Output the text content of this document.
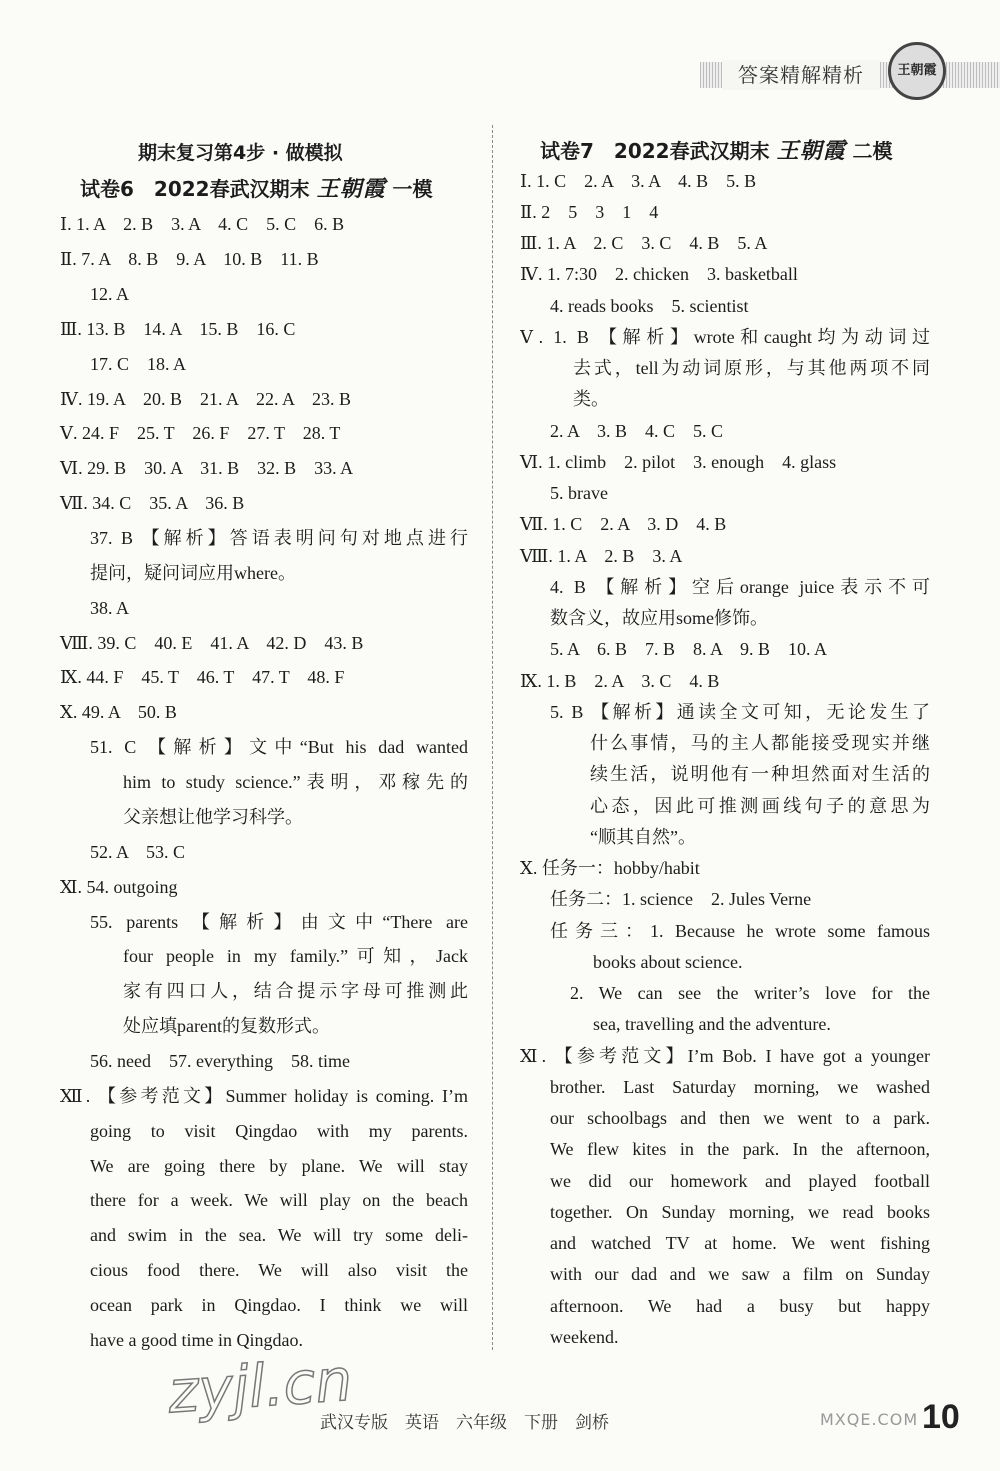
答案精解精析	王朝霞
期末复习第4步 · 做模拟
试卷6　2022春武汉期末 王朝霞 一模
Ⅰ. 1. A　2. B　3. A　4. C　5. C　6. B
Ⅱ. 7. A　8. B　9. A　10. B　11. B
12. A
Ⅲ. 13. B　14. A　15. B　16. C
17. C　18. A
Ⅳ. 19. A　20. B　21. A　22. A　23. B
Ⅴ. 24. F　25. T　26. F　27. T　28. T
Ⅵ. 29. B　30. A　31. B　32. B　33. A
Ⅶ. 34. C　35. A　36. B
37. B 【解析】答语表明问句对地点进行
提问，疑问词应用where。
38. A
Ⅷ. 39. C　40. E　41. A　42. D　43. B
Ⅸ. 44. F　45. T　46. T　47. T　48. F
Ⅹ. 49. A　50. B
51. C 【解析】文中“But his dad wanted
him to study science.”表明，邓稼先的
父亲想让他学习科学。
52. A　53. C
Ⅺ. 54. outgoing
55. parents 【解析】由文中“There are
four people in my family.”可知，Jack
家有四口人，结合提示字母可推测此
处应填parent的复数形式。
56. need　57. everything　58. time
Ⅻ. 【参考范文】Summer holiday is coming. I’m
going to visit Qingdao with my parents.
We are going there by plane. We will stay
there for a week. We will play on the beach
and swim in the sea. We will try some deli-
cious food there. We will also visit the
ocean park in Qingdao. I think we will
have a good time in Qingdao.
试卷7　2022春武汉期末 王朝霞 二模
Ⅰ. 1. C　2. A　3. A　4. B　5. B
Ⅱ. 2　5　3　1　4
Ⅲ. 1. A　2. C　3. C　4. B　5. A
Ⅳ. 1. 7:30　2. chicken　3. basketball
4. reads books　5. scientist
Ⅴ. 1. B 【解析】wrote和caught均为动词过
去式，tell为动词原形，与其他两项不同
类。
2. A　3. B　4. C　5. C
Ⅵ. 1. climb　2. pilot　3. enough　4. glass
5. brave
Ⅶ. 1. C　2. A　3. D　4. B
Ⅷ. 1. A　2. B　3. A
4. B 【解析】空后orange juice表示不可
数含义，故应用some修饰。
5. A　6. B　7. B　8. A　9. B　10. A
Ⅸ. 1. B　2. A　3. C　4. B
5. B 【解析】通读全文可知，无论发生了
什么事情，马的主人都能接受现实并继
续生活，说明他有一种坦然面对生活的
心态，因此可推测画线句子的意思为
“顺其自然”。
Ⅹ. 任务一：hobby/habit
任务二：1. science　2. Jules Verne
任务三：1. Because he wrote some famous
books about science.
2. We can see the writer’s love for the
sea, travelling and the adventure.
Ⅺ. 【参考范文】I’m Bob. I have got a younger
brother. Last Saturday morning, we washed
our schoolbags and then we went to a park.
We flew kites in the park. In the afternoon,
we did our homework and played football
together. On Sunday morning, we read books
and watched TV at home. We went fishing
with our dad and we saw a film on Sunday
afternoon. We had a busy but happy
weekend.
zyjl.cn
武汉专版　英语　六年级　下册　剑桥	10
MXQE.COM
